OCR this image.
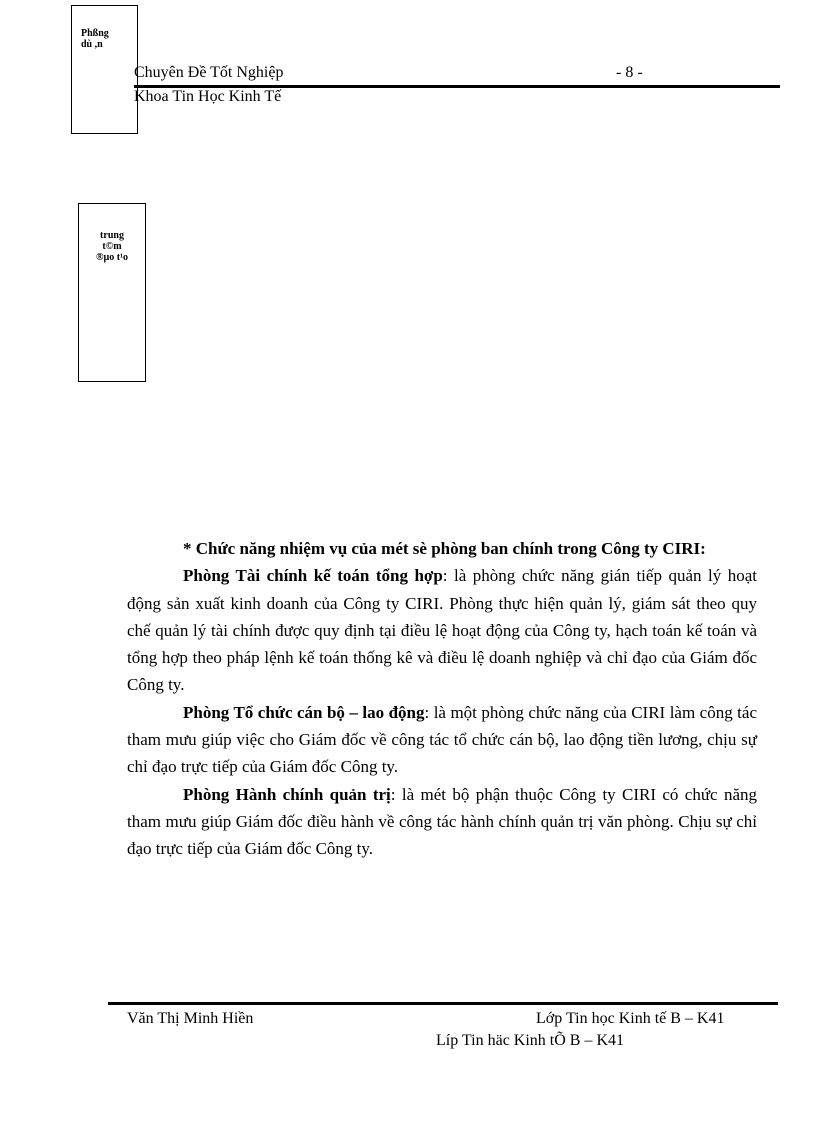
Phßng
dù ,n
Chuyên Đề Tốt Nghiệp
Khoa Tin Học Kinh Tế
- 8 -
trung
t©m
®µo t¹o

* Chức năng nhiệm vụ của mét sè phòng ban chính trong Công ty CIRI:

Phòng Tài chính kế toán tổng hợp: là phòng chức năng gián tiếp quản lý hoạt động sản xuất kinh doanh của Công ty CIRI. Phòng thực hiện quản lý, giám sát theo quy chế quản lý tài chính được quy định tại điều lệ hoạt động của Công ty, hạch toán kế toán và tổng hợp theo pháp lệnh kế toán thống kê và điều lệ doanh nghiệp và chỉ đạo của Giám đốc Công ty.

Phòng Tổ chức cán bộ – lao động: là một phòng chức năng của CIRI làm công tác tham mưu giúp việc cho Giám đốc về công tác tổ chức cán bộ, lao động tiền lương, chịu sự chỉ đạo trực tiếp của Giám đốc Công ty.

Phòng Hành chính quản trị: là mét bộ phận thuộc Công ty CIRI có chức năng tham mưu giúp Giám đốc điều hành về công tác hành chính quản trị văn phòng. Chịu sự chỉ đạo trực tiếp của Giám đốc Công ty.

Văn Thị Minh Hiền	Lớp Tin học Kinh tế B – K41
Líp Tin häc Kinh tÕ B – K41
